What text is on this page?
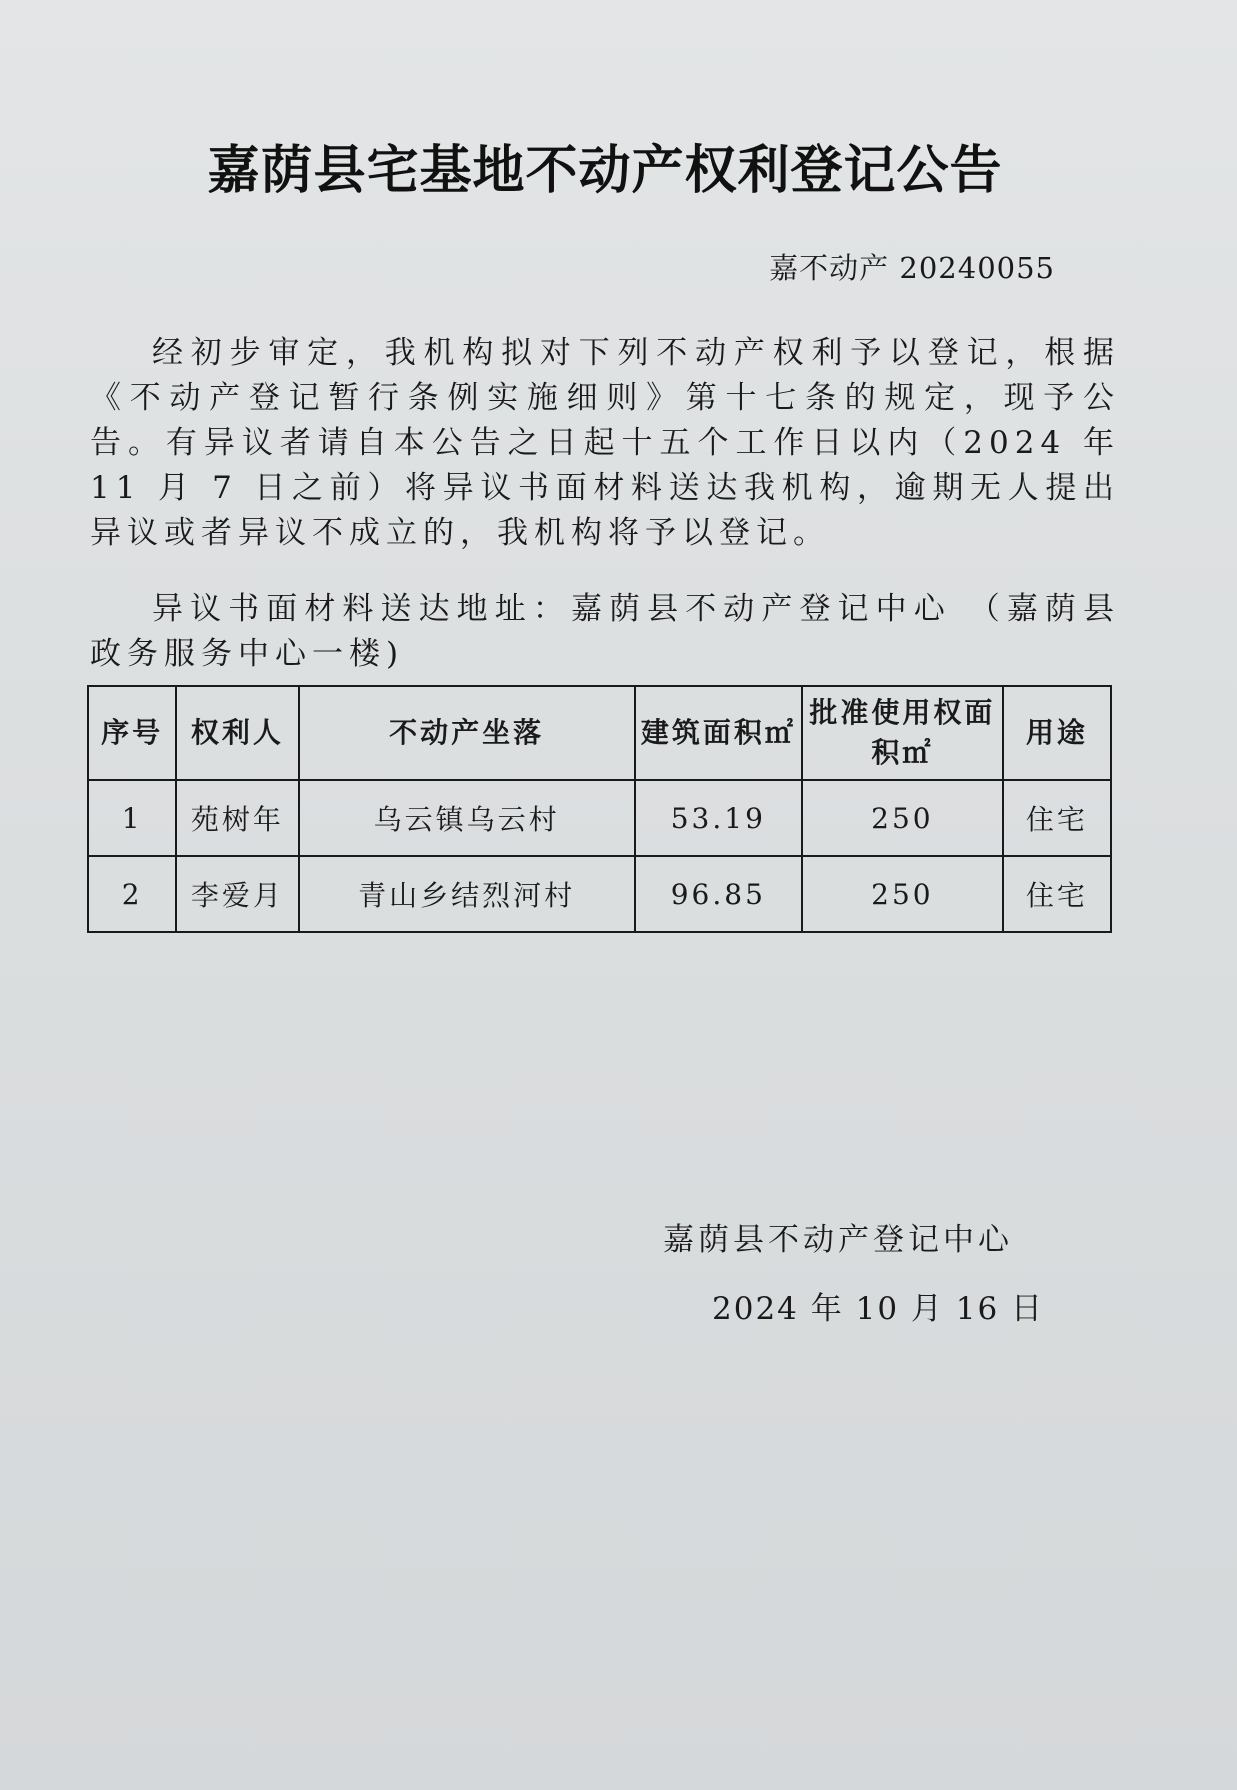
嘉荫县宅基地不动产权利登记公告
嘉不动产 20240055
经初步审定，我机构拟对下列不动产权利予以登记，根据《不动产登记暂行条例实施细则》第十七条的规定，现予公告。有异议者请自本公告之日起十五个工作日以内（2024 年 11 月 7 日之前）将异议书面材料送达我机构，逾期无人提出异议或者异议不成立的，我机构将予以登记。
异议书面材料送达地址：嘉荫县不动产登记中心 （嘉荫县政务服务中心一楼)
序号	权利人	不动产坐落	建筑面积㎡	批准使用权面积㎡	用途
1	苑树年	乌云镇乌云村	53.19	250	住宅
2	李爱月	青山乡结烈河村	96.85	250	住宅
嘉荫县不动产登记中心
2024 年 10 月 16 日
